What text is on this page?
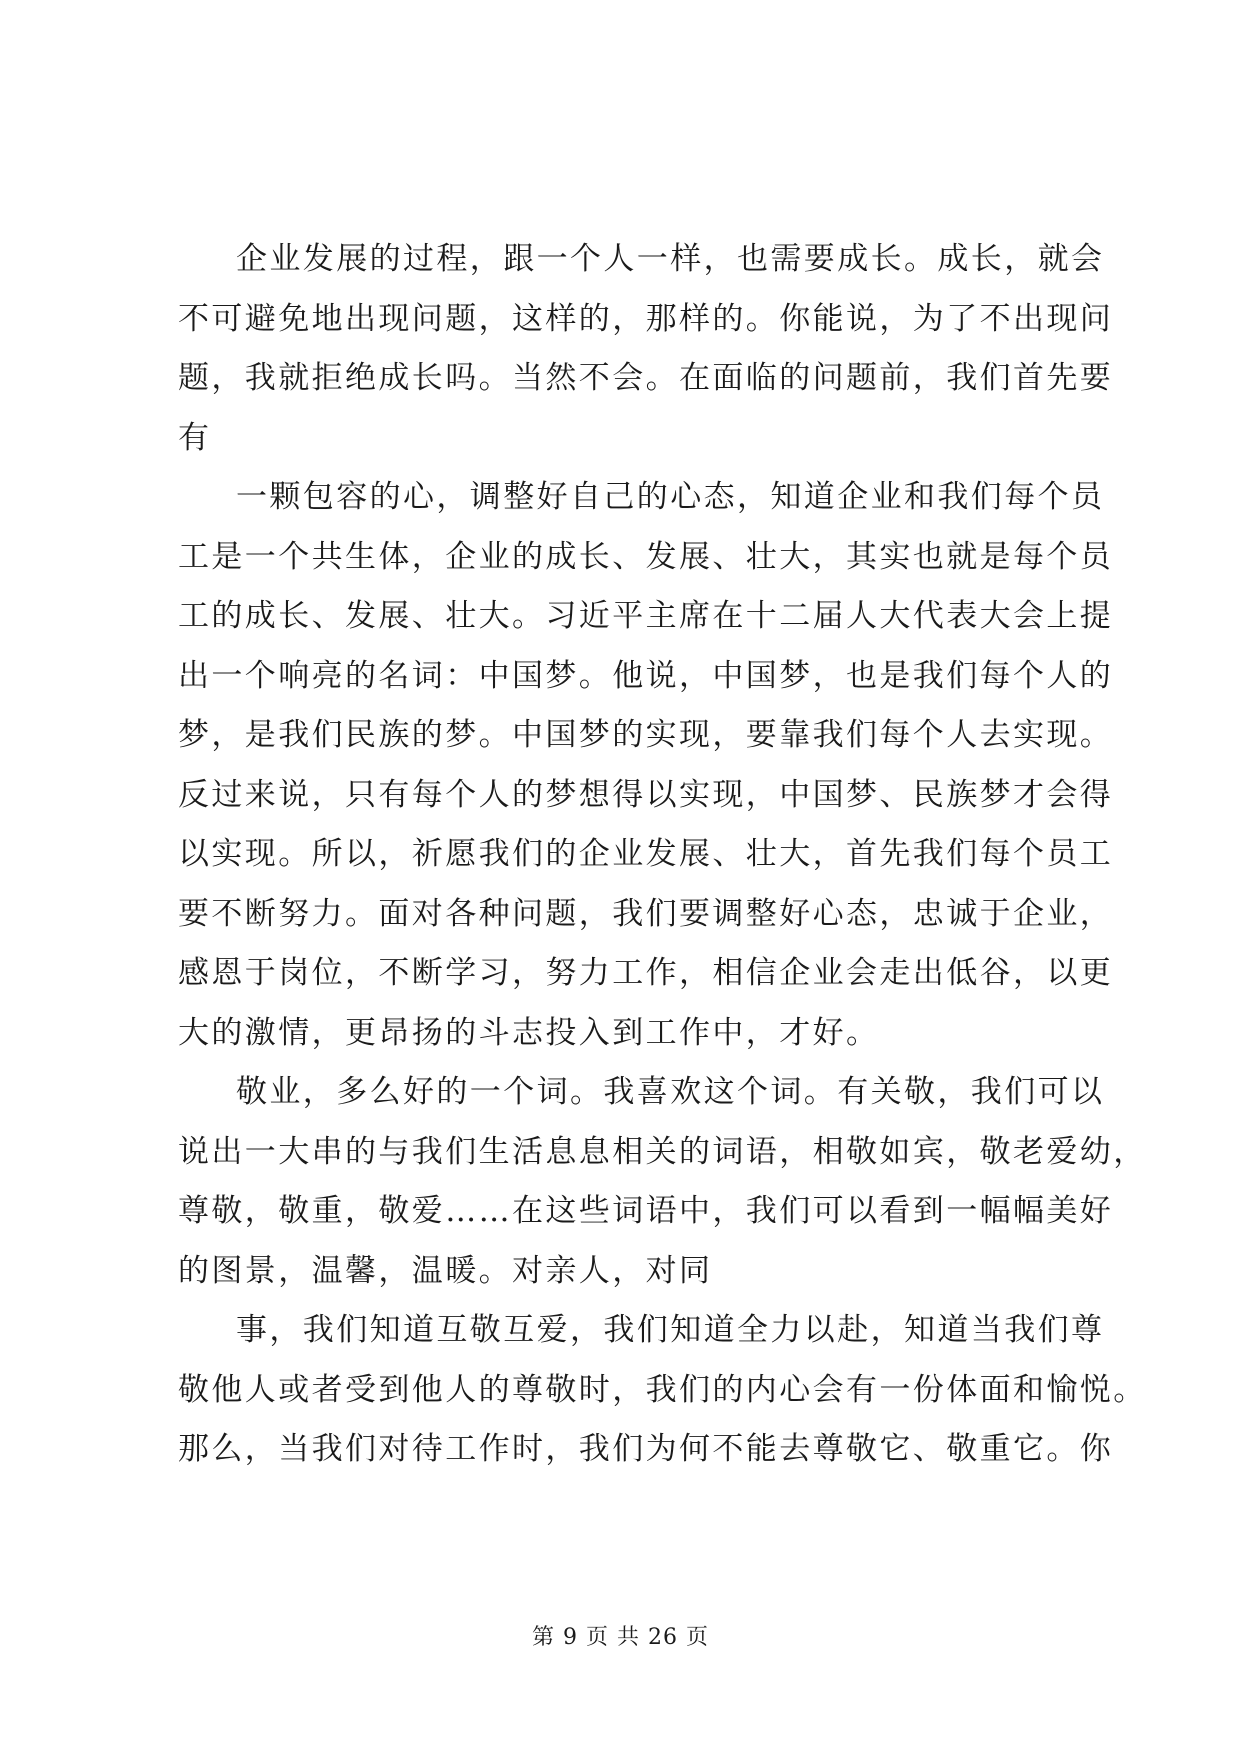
企业发展的过程，跟一个人一样，也需要成长。成长，就会
不可避免地出现问题，这样的，那样的。你能说，为了不出现问
题，我就拒绝成长吗。当然不会。在面临的问题前，我们首先要
有
一颗包容的心，调整好自己的心态，知道企业和我们每个员
工是一个共生体，企业的成长、发展、壮大，其实也就是每个员
工的成长、发展、壮大。习近平主席在十二届人大代表大会上提
出一个响亮的名词：中国梦。他说，中国梦，也是我们每个人的
梦，是我们民族的梦。中国梦的实现，要靠我们每个人去实现。
反过来说，只有每个人的梦想得以实现，中国梦、民族梦才会得
以实现。所以，祈愿我们的企业发展、壮大，首先我们每个员工
要不断努力。面对各种问题，我们要调整好心态，忠诚于企业，
感恩于岗位，不断学习，努力工作，相信企业会走出低谷，以更
大的激情，更昂扬的斗志投入到工作中，才好。
敬业，多么好的一个词。我喜欢这个词。有关敬，我们可以
说出一大串的与我们生活息息相关的词语，相敬如宾，敬老爱幼，
尊敬，敬重，敬爱……在这些词语中，我们可以看到一幅幅美好
的图景，温馨，温暖。对亲人，对同
事，我们知道互敬互爱，我们知道全力以赴，知道当我们尊
敬他人或者受到他人的尊敬时，我们的内心会有一份体面和愉悦。
那么，当我们对待工作时，我们为何不能去尊敬它、敬重它。你
第 9 页 共 26 页
